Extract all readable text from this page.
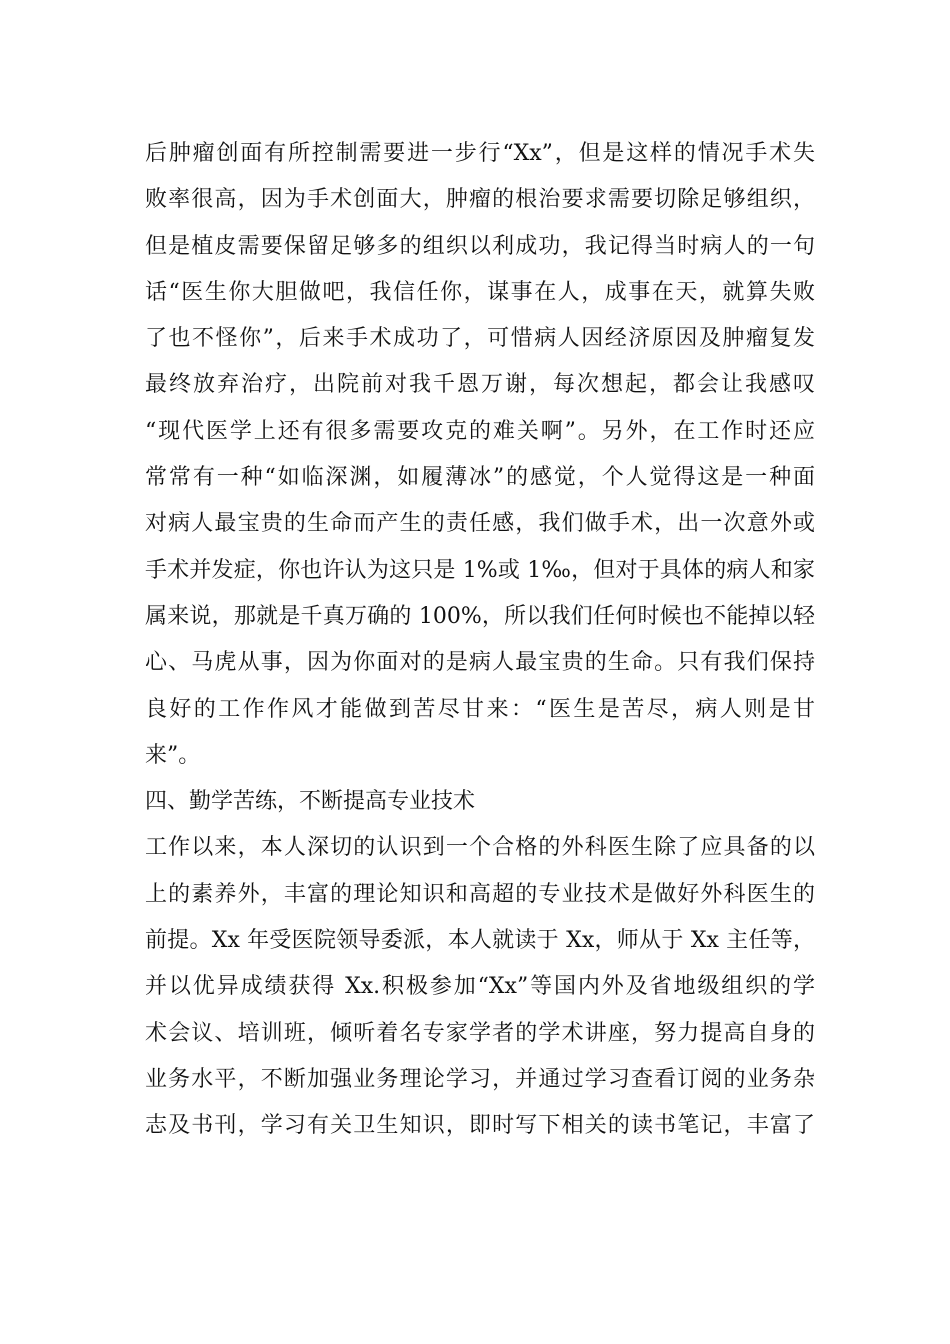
后肿瘤创面有所控制需要进一步行“Xx”，但是这样的情况手术失
败率很高，因为手术创面大，肿瘤的根治要求需要切除足够组织，
但是植皮需要保留足够多的组织以利成功，我记得当时病人的一句
话“医生你大胆做吧，我信任你，谋事在人，成事在天，就算失败
了也不怪你”，后来手术成功了，可惜病人因经济原因及肿瘤复发
最终放弃治疗，出院前对我千恩万谢，每次想起，都会让我感叹
“现代医学上还有很多需要攻克的难关啊”。另外，在工作时还应
常常有一种“如临深渊，如履薄冰”的感觉，个人觉得这是一种面
对病人最宝贵的生命而产生的责任感，我们做手术，出一次意外或
手术并发症，你也许认为这只是 1%或 1‰，但对于具体的病人和家
属来说，那就是千真万确的 100%，所以我们任何时候也不能掉以轻
心、马虎从事，因为你面对的是病人最宝贵的生命。只有我们保持
良好的工作作风才能做到苦尽甘来：“医生是苦尽，病人则是甘
来”。
四、勤学苦练，不断提高专业技术
工作以来，本人深切的认识到一个合格的外科医生除了应具备的以
上的素养外，丰富的理论知识和高超的专业技术是做好外科医生的
前提。Xx 年受医院领导委派，本人就读于 Xx，师从于 Xx 主任等，
并以优异成绩获得 Xx.积极参加“Xx”等国内外及省地级组织的学
术会议、培训班，倾听着名专家学者的学术讲座，努力提高自身的
业务水平，不断加强业务理论学习，并通过学习查看订阅的业务杂
志及书刊，学习有关卫生知识，即时写下相关的读书笔记，丰富了
